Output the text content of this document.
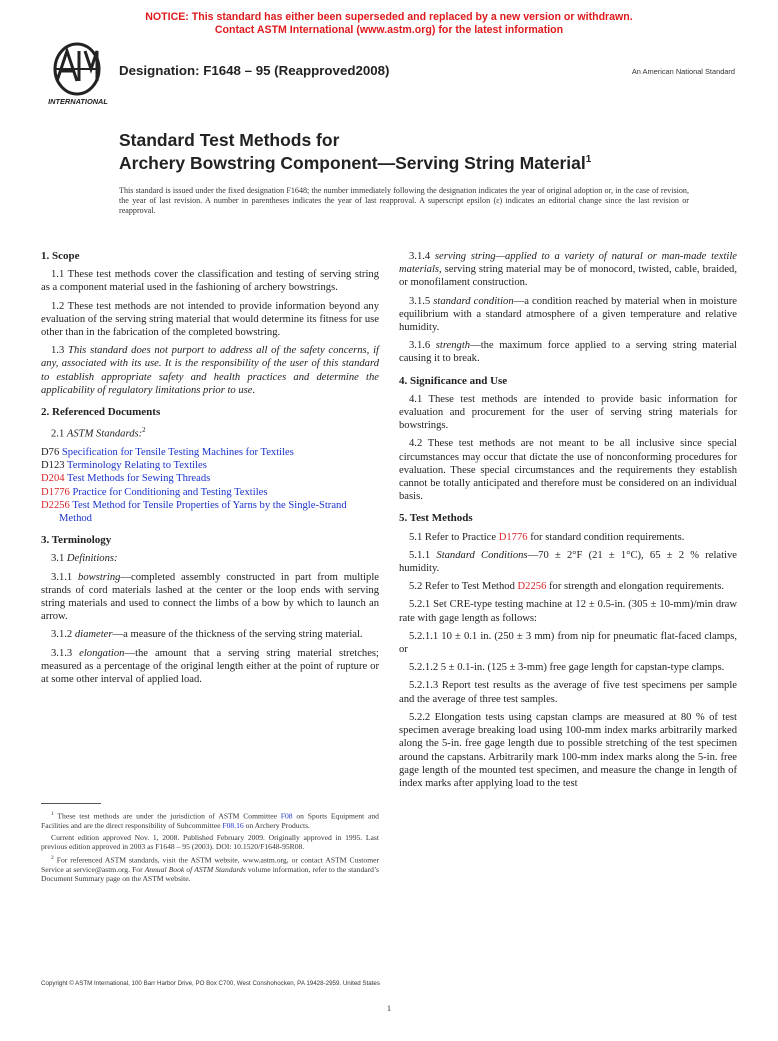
NOTICE: This standard has either been superseded and replaced by a new version or withdrawn.
Contact ASTM International (www.astm.org) for the latest information
INTERNATIONAL
Designation: F1648 – 95 (Reapproved2008)	An American National Standard
Standard Test Methods for
Archery Bowstring Component—Serving String Material$^1$
This standard is issued under the fixed designation F1648; the number immediately following the designation indicates the year of original adoption or, in the case of revision, the year of last revision. A number in parentheses indicates the year of last reapproval. A superscript epsilon (ε) indicates an editorial change since the last revision or reapproval.
1. Scope

1.1 These test methods cover the classification and testing of serving string as a component material used in the fashioning of archery bowstrings.

1.2 These test methods are not intended to provide information beyond any evaluation of the serving string material that would determine its fitness for use other than in the fabrication of the completed bowstring.

1.3 This standard does not purport to address all of the safety concerns, if any, associated with its use. It is the responsibility of the user of this standard to establish appropriate safety and health practices and determine the applicability of regulatory limitations prior to use.

2. Referenced Documents

2.1 ASTM Standards:$^2$

D76 Specification for Tensile Testing Machines for Textiles
D123 Terminology Relating to Textiles
D204 Test Methods for Sewing Threads
D1776 Practice for Conditioning and Testing Textiles
D2256 Test Method for Tensile Properties of Yarns by the Single-Strand Method
3. Terminology

3.1 Definitions:

3.1.1 bowstring—completed assembly constructed in part from multiple strands of cord materials lashed at the center or the loop ends with serving string materials and used to connect the limbs of a bow by which to launch an arrow.

3.1.2 diameter—a measure of the thickness of the serving string material.

3.1.3 elongation—the amount that a serving string material stretches; measured as a percentage of the original length either at the point of rupture or at some other interval of applied load.

$^1$ These test methods are under the jurisdiction of ASTM Committee F08 on Sports Equipment and Facilities and are the direct responsibility of Subcommittee F08.16 on Archery Products.

Current edition approved Nov. 1, 2008. Published February 2009. Originally approved in 1995. Last previous edition approved in 2003 as F1648 – 95 (2003). DOI: 10.1520/F1648-95R08.

$^2$ For referenced ASTM standards, visit the ASTM website, www.astm.org, or contact ASTM Customer Service at service@astm.org. For Annual Book of ASTM Standards volume information, refer to the standard’s Document Summary page on the ASTM website.

3.1.4 serving string—applied to a variety of natural or man-made textile materials, serving string material may be of monocord, twisted, cable, braided, or monofilament construction.

3.1.5 standard condition—a condition reached by material when in moisture equilibrium with a standard atmosphere of a given temperature and relative humidity.

3.1.6 strength—the maximum force applied to a serving string material causing it to break.

4. Significance and Use

4.1 These test methods are intended to provide basic information for evaluation and procurement for the user of serving string materials for bowstrings.

4.2 These test methods are not meant to be all inclusive since special circumstances may occur that dictate the use of nonconforming procedures for evaluation. These special circumstances and the requirements they establish cannot be totally anticipated and therefore must be considered on an individual basis.

5. Test Methods

5.1 Refer to Practice D1776 for standard condition requirements.

5.1.1 Standard Conditions—70 ± 2°F (21 ± 1°C), 65 ± 2 % relative humidity.

5.2 Refer to Test Method D2256 for strength and elongation requirements.

5.2.1 Set CRE-type testing machine at 12 ± 0.5-in. (305 ± 10-mm)/min draw rate with gage length as follows:

5.2.1.1 10 ± 0.1 in. (250 ± 3 mm) from nip for pneumatic flat-faced clamps, or

5.2.1.2 5 ± 0.1-in. (125 ± 3-mm) free gage length for capstan-type clamps.

5.2.1.3 Report test results as the average of five test specimens per sample and the average of three test samples.

5.2.2 Elongation tests using capstan clamps are measured at 80 % of test specimen average breaking load using 100-mm index marks arbitrarily marked along the 5-in. free gage length due to possible stretching of the test specimen around the capstans. Arbitrarily mark 100-mm index marks along the 5-in. free gage length of the mounted test specimen, and measure the change in length of index marks after applying load to the test

Copyright © ASTM International, 100 Barr Harbor Drive, PO Box C700, West Conshohocken, PA 19428-2959. United States
1
